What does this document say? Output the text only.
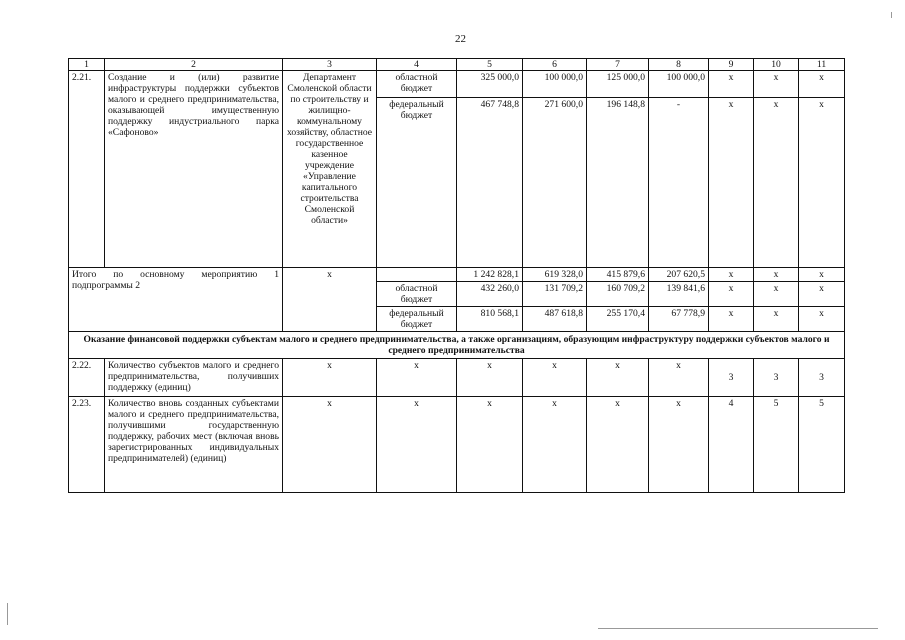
22
1	2	3	4	5	6	7	8	9	10	11
2.21.	Создание и (или) развитие инфраструктуры поддержки субъектов малого и среднего предпринимательства, оказывающей имущественную поддержку индустриального парка «Сафоново»	Департамент Смоленской области по строительству и жилищно-коммунальному хозяйству, областное государственное казенное учреждение «Управление капитального строительства Смоленской области»	областной бюджет	325 000,0	100 000,0	125 000,0	100 000,0	х	х	х
			федеральный бюджет	467 748,8	271 600,0	196 148,8	-	х	х	х
Итого по основному мероприятию 1 подпрограммы 2		х		1 242 828,1	619 328,0	415 879,6	207 620,5	х	х	х
			областной бюджет	432 260,0	131 709,2	160 709,2	139 841,6	х	х	х
			федеральный бюджет	810 568,1	487 618,8	255 170,4	67 778,9	х	х	х
Оказание финансовой поддержки субъектам малого и среднего предпринимательства, а также организациям, образующим инфраструктуру поддержки субъектов малого и среднего предпринимательства										
2.22.	Количество субъектов малого и среднего предпринимательства, получивших поддержку (единиц)	х	х	х	х	х	х	3	3	3
2.23.	Количество вновь созданных субъектами малого и среднего предпринимательства, получившими государственную поддержку, рабочих мест (включая вновь зарегистрированных индивидуальных предпринимателей) (единиц)	х	х	х	х	х	х	4	5	5
